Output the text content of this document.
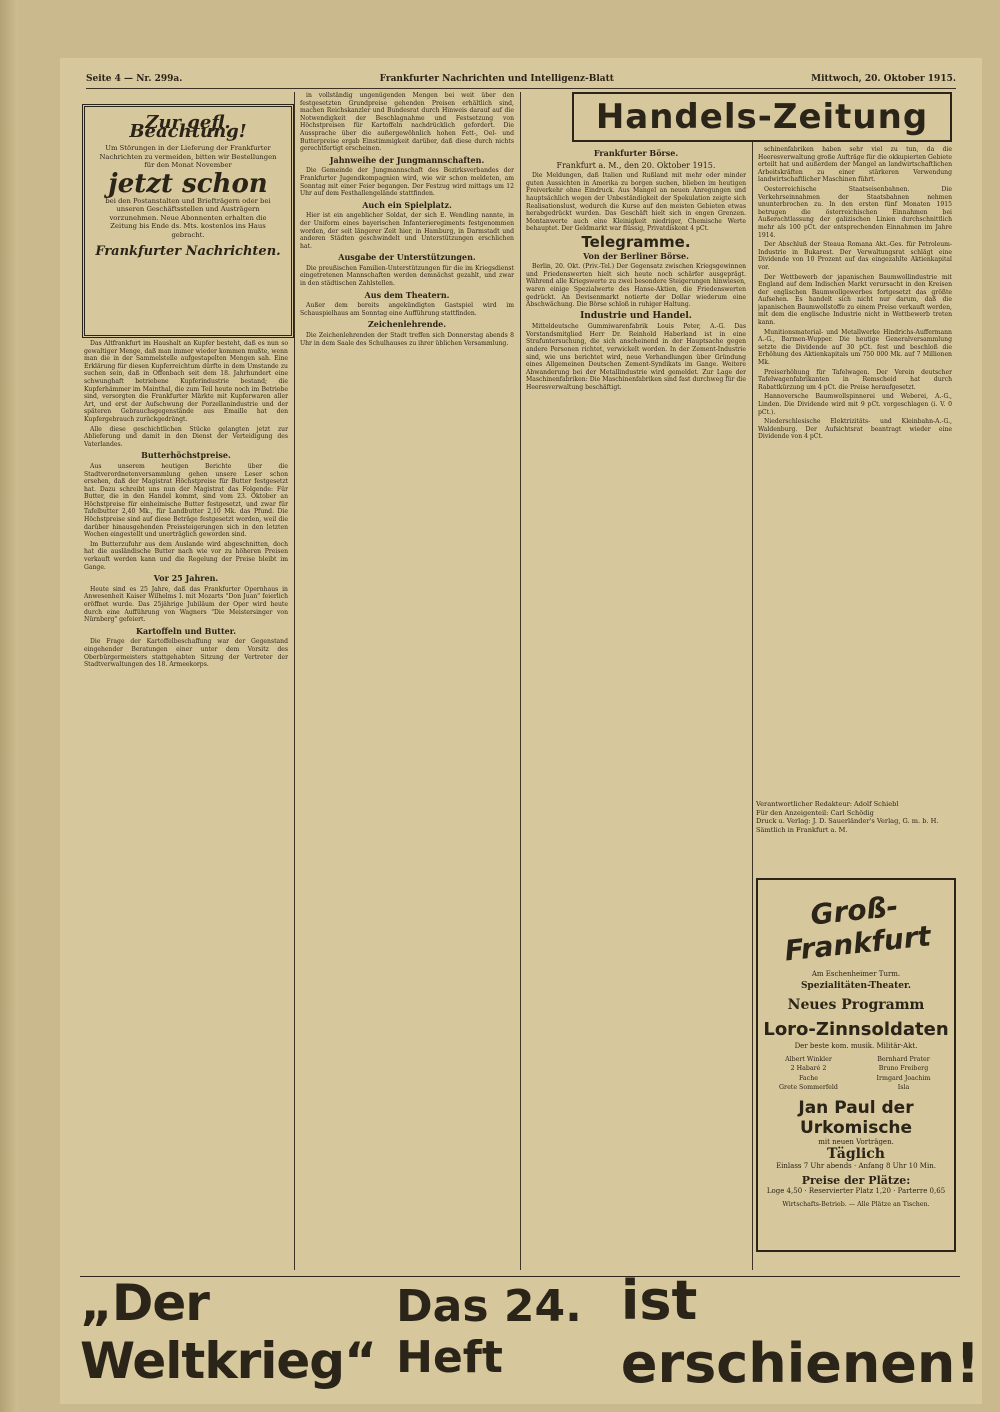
Seite 4 — Nr. 299a.	Frankfurter Nachrichten und Intelligenz-Blatt	Mittwoch, 20. Oktober 1915.
Zur gefl. Beachtung!
Um Störungen in der Lieferung der Frankfurter Nachrichten zu vermeiden, bitten wir Bestellungen für den Monat November
jetzt schon
bei den Postanstalten und Briefträgern oder bei unseren Geschäftsstellen und Austrägern vorzunehmen. Neue Abonnenten erhalten die Zeitung bis Ende ds. Mts. kostenlos ins Haus gebracht.
Frankfurter Nachrichten.

Das Altfrankfurt im Haushalt an Kupfer besteht, daß es nun so gewaltiger Menge, daß man immer wieder kommen mußte, wenn man die in der Sammelstelle aufgestapelten Mengen sah. Eine Erklärung für diesen Kupferreichtum dürfte in dem Umstande zu suchen sein, daß in Offenbach seit dem 18. Jahrhundert eine schwunghaft betriebene Kupferindustrie bestand; die Kupferhämmer im Mainthal, die zum Teil heute noch im Betriebe sind, versorgten die Frankfurter Märkte mit Kupferwaren aller Art, und erst der Aufschwung der Porzellanindustrie und der späteren Gebrauchsgegenstände aus Emaille hat den Kupfergebrauch zurückgedrängt.

Alle diese geschichtlichen Stücke gelangten jetzt zur Ablieferung und damit in den Dienst der Verteidigung des Vaterlandes.

Butterhöchstpreise.

Aus unserem heutigen Berichte über die Stadtverordnetenversammlung gehen unsere Leser schon ersehen, daß der Magistrat Höchstpreise für Butter festgesetzt hat. Dazu schreibt uns nun der Magistrat das Folgende: Für Butter, die in den Handel kommt, sind vom 23. Oktober an Höchstpreise für einheimische Butter festgesetzt, und zwar für Tafelbutter 2,40 Mk., für Landbutter 2,10 Mk. das Pfund. Die Höchstpreise sind auf diese Beträge festgesetzt worden, weil die darüber hinausgehenden Preissteigerungen sich in den letzten Wochen eingestellt und unerträglich geworden sind.

Im Butterzufuhr aus dem Auslande wird abgeschnitten, doch hat die ausländische Butter nach wie vor zu höheren Preisen verkauft werden kann und die Regelung der Preise bleibt im Gange.

Vor 25 Jahren.

Heute sind es 25 Jahre, daß das Frankfurter Opernhaus in Anwesenheit Kaiser Wilhelms I. mit Mozarts "Don Juan" feierlich eröffnet wurde. Das 25jährige Jubiläum der Oper wird heute durch eine Aufführung von Wagners "Die Meistersinger von Nürnberg" gefeiert.

Kartoffeln und Butter.

Die Frage der Kartoffelbeschaffung war der Gegenstand eingehender Beratungen einer unter dem Vorsitz des Oberbürgermeisters stattgehabten Sitzung der Vertreter der Stadtverwaltungen des 18. Armeekorps.

in vollständig ungenügenden Mengen bei weit über den festgesetzten Grundpreise gehenden Preisen erhältlich sind, machen Reichskanzler und Bundesrat durch Hinweis darauf auf die Notwendigkeit der Beschlagnahme und Festsetzung von Höchstpreisen für Kartoffeln nachdrücklich gefordert. Die Aussprache über die außergewöhnlich hohen Fett-, Oel- und Butterpreise ergab Einstimmigkeit darüber, daß diese durch nichts gerechtfertigt erscheinen.

Jahnweihe der Jungmannschaften.

Die Gemeinde der Jungmannschaft des Bezirksverbandes der Frankfurter Jugendkompagnien wird, wie wir schon meldeten, am Sonntag mit einer Feier begangen. Der Festzug wird mittags um 12 Uhr auf dem Festhallengelände stattfinden.

Auch ein Spielplatz.

Hier ist ein angeblicher Soldat, der sich E. Wendling nannte, in der Uniform eines bayerischen Infanterieregiments festgenommen worden, der seit längerer Zeit hier, in Hamburg, in Darmstadt und anderen Städten geschwindelt und Unterstützungen erschlichen hat.

Ausgabe der Unterstützungen.

Die preußischen Familien-Unterstützungen für die im Kriegsdienst eingetretenen Mannschaften werden demnächst gezahlt, und zwar in den städtischen Zahlstellen.

Aus dem Theatern.

Außer dem bereits angekündigten Gastspiel wird im Schauspielhaus am Sonntag eine Aufführung stattfinden.

Zeichenlehrende.

Die Zeichenlehrenden der Stadt treffen sich Donnerstag abends 8 Uhr in dem Saale des Schulhauses zu ihrer üblichen Versammlung.

Handels-Zeitung
Frankfurter Börse.
Frankfurt a. M., den 20. Oktober 1915.

Die Meldungen, daß Italien und Rußland mit mehr oder minder guten Aussichten in Amerika zu borgen suchen, blieben im heutigen Freiverkehr ohne Eindruck. Aus Mangel an neuen Anregungen und hauptsächlich wegen der Unbeständigkeit der Spekulation zeigte sich Realisationslust, wodurch die Kurse auf den meisten Gebieten etwas herabgedrückt wurden. Das Geschäft hielt sich in engen Grenzen. Montanwerte auch eine Kleinigkeit niedriger, Chemische Werte behauptet. Der Geldmarkt war flüssig, Privatdiskont 4 pCt.

Telegramme.
Von der Berliner Börse.

Berlin, 20. Okt. (Priv.-Tel.) Der Gegensatz zwischen Kriegsgewinnen und Friedenswerten hielt sich heute noch schärfer ausgeprägt. Während alle Kriegswerte zu zwei besondere Steigerungen hinwiesen, waren einige Spezialwerte des Hanse-Aktien, die Friedenswerten gedrückt. An Devisenmarkt notierte der Dollar wiederum eine Abschwächung. Die Börse schloß in ruhiger Haltung.

Industrie und Handel.

Mitteldeutsche Gummiwarenfabrik Louis Peter, A.-G. Das Vorstandsmitglied Herr Dr. Reinhold Haberland ist in eine Strafuntersuchung, die sich anscheinend in der Hauptsache gegen andere Personen richtet, verwickelt worden. In der Zement-Industrie sind, wie uns berichtet wird, neue Verhandlungen über Gründung eines Allgemeinen Deutschen Zement-Syndikats im Gange. Weitere Abwanderung bei der Metallindustrie wird gemeldet. Zur Lage der Maschinenfabriken: Die Maschinenfabriken sind fast durchweg für die Heeresverwaltung beschäftigt.

schinenfabriken haben sehr viel zu tun, da die Heeresverwaltung große Aufträge für die okkupierten Gebiete erteilt hat und außerdem der Mangel an landwirtschaftlichen Arbeitskräften zu einer stärkeren Verwendung landwirtschaftlicher Maschinen führt.

Oesterreichische Staatseisenbahnen. Die Verkehrseinnahmen der Staatsbahnen nehmen ununterbrochen zu. In den ersten fünf Monaten 1915 betrugen die österreichischen Einnahmen bei Außerachtlassung der galizischen Linien durchschnittlich mehr als 100 pCt. der entsprechenden Einnahmen im Jahre 1914.

Der Abschluß der Steaua Romana Akt.-Ges. für Petroleum-Industrie in Bukarest. Der Verwaltungsrat schlägt eine Dividende von 10 Prozent auf das eingezahlte Aktienkapital vor.

Der Wettbewerb der japanischen Baumwollindustrie mit England auf dem Indischen Markt verursacht in den Kreisen der englischen Baumwollgewerbes fortgesetzt das größte Aufsehen. Es handelt sich nicht nur darum, daß die japanischen Baumwollstoffe zu einem Preise verkauft werden, mit dem die englische Industrie nicht in Wettbewerb treten kann.

Munitionsmaterial- und Metallwerke Hindrichs-Auffermann A.-G., Barmen-Wupper. Die heutige Generalversammlung setzte die Dividende auf 30 pCt. fest und beschloß die Erhöhung des Aktienkapitals um 750 000 Mk. auf 7 Millionen Mk.

Preiserhöhung für Tafelwagen. Der Verein deutscher Tafelwagenfabrikanten in Remscheid hat durch Rabattkürzung um 4 pCt. die Preise heraufgesetzt.

Hannoversche Baumwollspinnerei und Weberei, A.-G., Linden. Die Dividende wird mit 9 pCt. vorgeschlagen (i. V. 0 pCt.).

Niederschlesische Elektrizitäts- und Kleinbahn-A.-G., Waldenburg. Der Aufsichtsrat beantragt wieder eine Dividende von 4 pCt.

Verantwortlicher Redakteur: Adolf Schiebl
Für den Anzeigenteil: Carl Schödig
Druck u. Verlag: J. D. Sauerländer's Verlag, G. m. b. H.
Sämtlich in Frankfurt a. M.
Groß-Frankfurt
Am Eschenheimer Turm.
Spezialitäten-Theater.
Neues Programm
Loro-Zinnsoldaten
Der beste kom. musik. Militär-Akt.
Albert Winkler	Bernhard Prater
2 Habaré 2	Bruno Freiberg
Fache	Irmgard Joachim
Grete Sommerfeld	Isla
Jan Paul der Urkomische
mit neuen Vorträgen.
Täglich
Einlass 7 Uhr abends · Anfang 8 Uhr 10 Min.
Preise der Plätze:
Loge 4,50 · Reservierter Platz 1,20 · Parterre 0,65
Wirtschafts-Betrieb. — Alle Plätze an Tischen.
„Der Weltkrieg“
Das 24. Heft
ist erschienen!
